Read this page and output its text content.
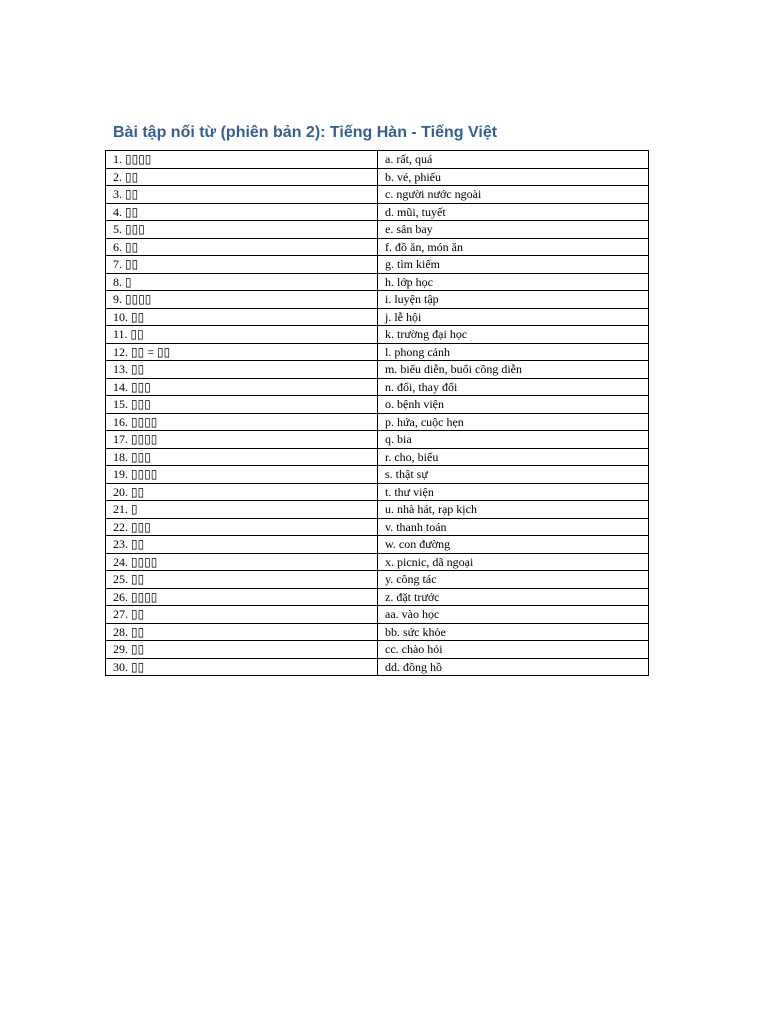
Bài tập nối từ (phiên bản 2): Tiếng Hàn - Tiếng Việt
1. ▯▯▯▯	a. rất, quá
2. ▯▯	b. vé, phiếu
3. ▯▯	c. người nước ngoài
4. ▯▯	d. mũi, tuyết
5. ▯▯▯	e. sân bay
6. ▯▯	f. đồ ăn, món ăn
7. ▯▯	g. tìm kiếm
8. ▯	h. lớp học
9. ▯▯▯▯	i. luyện tập
10. ▯▯	j. lễ hội
11. ▯▯	k. trường đại học
12. ▯▯ = ▯▯	l. phong cảnh
13. ▯▯	m. biểu diễn, buổi công diễn
14. ▯▯▯	n. đổi, thay đổi
15. ▯▯▯	o. bệnh viện
16. ▯▯▯▯	p. hứa, cuộc hẹn
17. ▯▯▯▯	q. bia
18. ▯▯▯	r. cho, biếu
19. ▯▯▯▯	s. thật sự
20. ▯▯	t. thư viện
21. ▯	u. nhà hát, rạp kịch
22. ▯▯▯	v. thanh toán
23. ▯▯	w. con đường
24. ▯▯▯▯	x. picnic, dã ngoại
25. ▯▯	y. công tác
26. ▯▯▯▯	z. đặt trước
27. ▯▯	aa. vào học
28. ▯▯	bb. sức khỏe
29. ▯▯	cc. chào hỏi
30. ▯▯	dd. đồng hồ
